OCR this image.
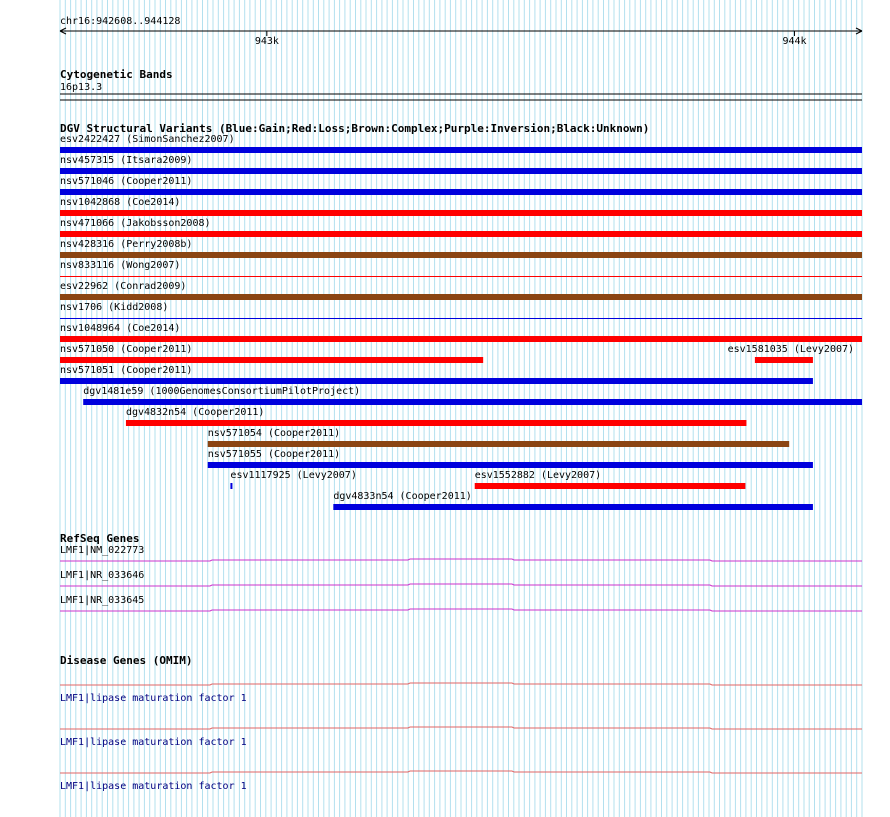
chr16:942608..944128
943k	944k
Cytogenetic Bands
16p13.3
DGV Structural Variants (Blue:Gain;Red:Loss;Brown:Complex;Purple:Inversion;Black:Unknown)
esv2422427 (SimonSanchez2007)
nsv457315 (Itsara2009)
nsv571046 (Cooper2011)
nsv1042868 (Coe2014)
nsv471066 (Jakobsson2008)
nsv428316 (Perry2008b)
nsv833116 (Wong2007)
esv22962 (Conrad2009)
nsv1706 (Kidd2008)
nsv1048964 (Coe2014)
nsv571050 (Cooper2011)	esv1581035 (Levy2007)
nsv571051 (Cooper2011)
dgv1481e59 (1000GenomesConsortiumPilotProject)
dgv4832n54 (Cooper2011)
nsv571054 (Cooper2011)
nsv571055 (Cooper2011)
esv1117925 (Levy2007)	esv1552882 (Levy2007)
dgv4833n54 (Cooper2011)
RefSeq Genes
LMF1|NM_022773
LMF1|NR_033646
LMF1|NR_033645
Disease Genes (OMIM)
LMF1|lipase maturation factor 1
LMF1|lipase maturation factor 1
LMF1|lipase maturation factor 1
